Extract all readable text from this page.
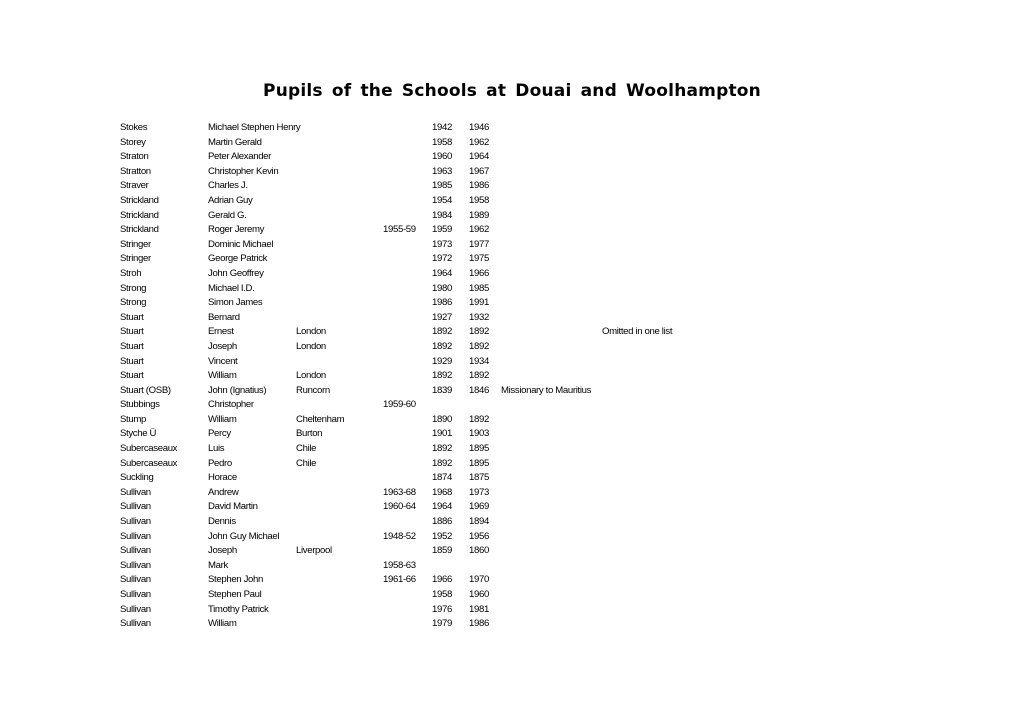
Pupils of the Schools at Douai and Woolhampton
Stokes	Michael Stephen Henry	1942 1946
Storey	Martin Gerald	1958 1962
Straton	Peter Alexander	1960 1964
Stratton	Christopher Kevin	1963 1967
Straver	Charles J.	1985 1986
Strickland	Adrian Guy	1954 1958
Strickland	Gerald G.	1984 1989
Strickland	Roger Jeremy	1955-59 1959 1962
Stringer	Dominic Michael	1973 1977
Stringer	George Patrick	1972 1975
Stroh	John Geoffrey	1964 1966
Strong	Michael I.D.	1980 1985
Strong	Simon James	1986 1991
Stuart	Bernard	1927 1932
Stuart	Ernest	London	1892 1892	Omitted in one list
Stuart	Joseph	London	1892 1892
Stuart	Vincent	1929 1934
Stuart	William	London	1892 1892
Stuart (OSB)	John (Ignatius)	Runcorn	1839 1846 Missionary to Mauritius
Stubbings	Christopher	1959-60
Stump	William	Cheltenham	1890 1892
Styche Ü	Percy	Burton	1901 1903
Subercaseaux	Luis	Chile	1892 1895
Subercaseaux	Pedro	Chile	1892 1895
Suckling	Horace	1874 1875
Sullivan	Andrew	1963-68 1968 1973
Sullivan	David Martin	1960-64 1964 1969
Sullivan	Dennis	1886 1894
Sullivan	John Guy Michael	1948-52 1952 1956
Sullivan	Joseph	Liverpool	1859 1860
Sullivan	Mark	1958-63
Sullivan	Stephen John	1961-66 1966 1970
Sullivan	Stephen Paul	1958 1960
Sullivan	Timothy Patrick	1976 1981
Sullivan	William	1979 1986
